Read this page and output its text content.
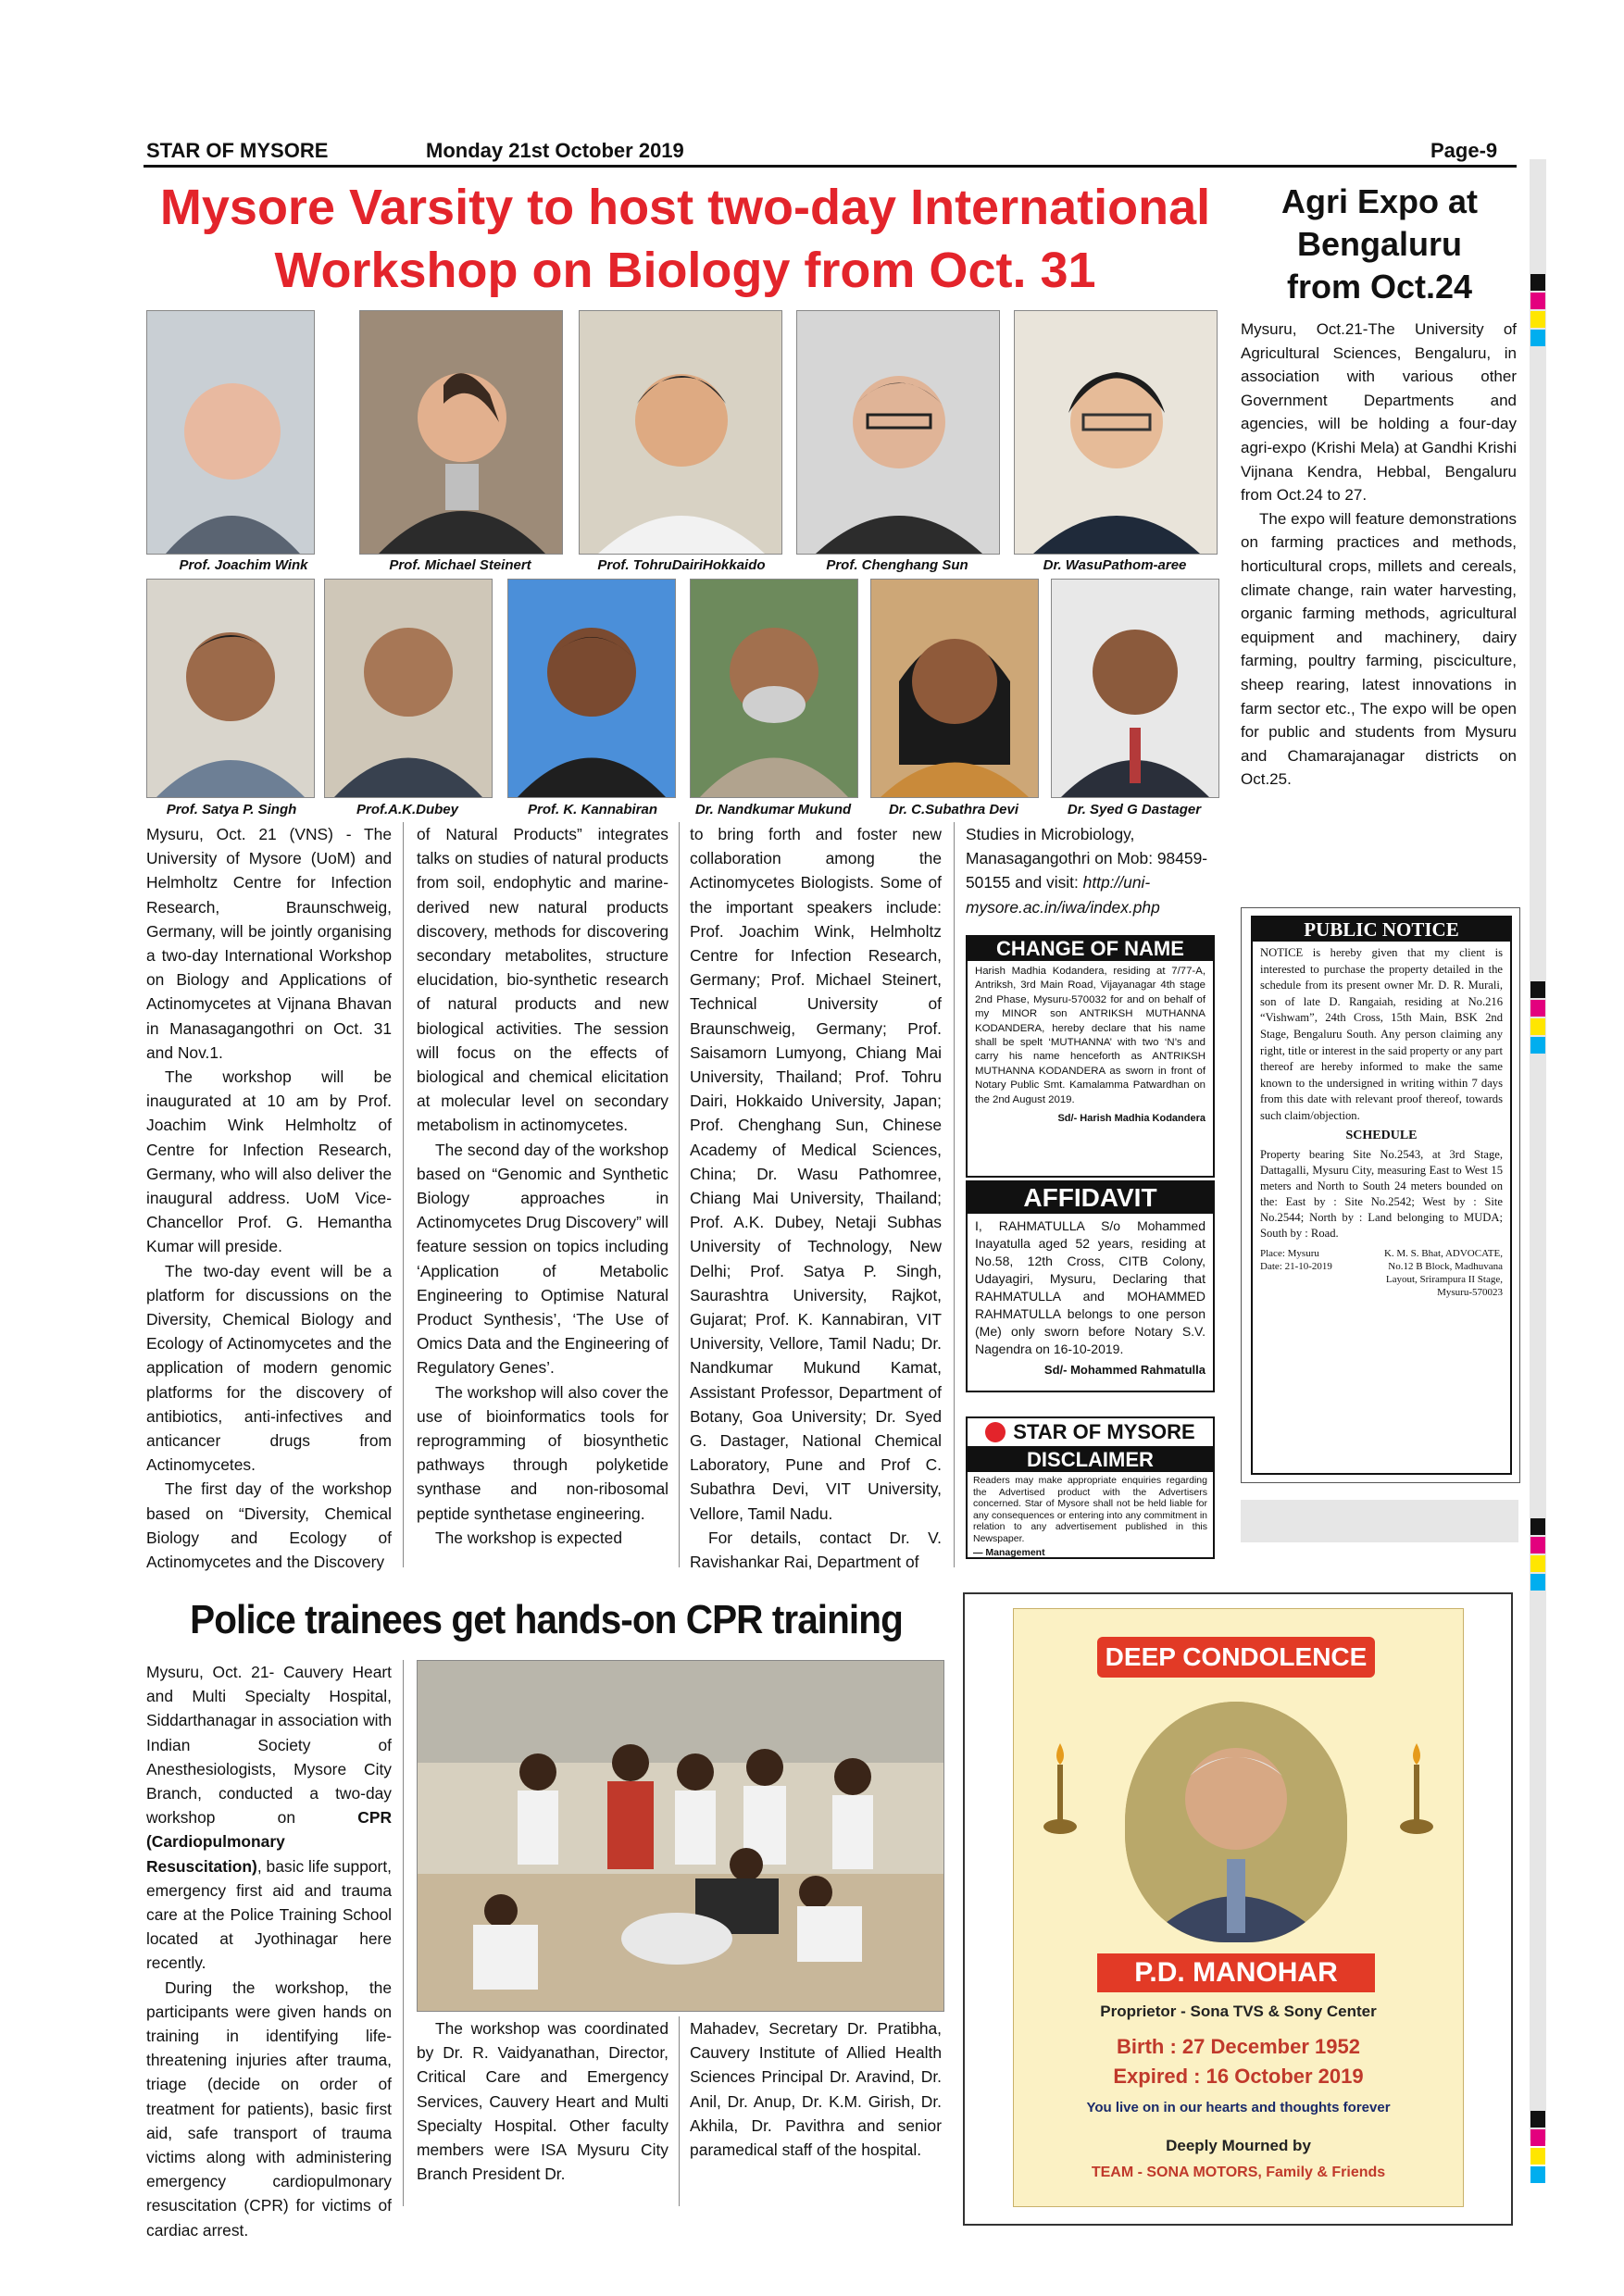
STAR OF MYSORE	Monday 21st October 2019	Page-9
Mysore Varsity to host two-day International
Workshop on Biology from Oct. 31
Agri Expo at
Bengaluru
from Oct.24
Prof. Joachim Wink	Prof. Michael Steinert	Prof. TohruDairiHokkaido	Prof. Chenghang Sun	Dr. WasuPathom-aree
Prof. Satya P. Singh	Prof.A.K.Dubey	Prof. K. Kannabiran	Dr. Nandkumar Mukund	Dr. C.Subathra Devi	Dr. Syed G Dastager

Mysuru, Oct. 21 (VNS) - The University of Mysore (UoM) and Helmholtz Centre for Infection Research, Braunschweig, Germany, will be jointly organising a two-day International Workshop on Biology and Applications of Actinomycetes at Vijnana Bhavan in Manasagangothri on Oct. 31 and Nov.1.

The workshop will be inaugurated at 10 am by Prof. Joachim Wink Helmholtz of Centre for Infection Research, Germany, who will also deliver the inaugural address. UoM Vice-Chancellor Prof. G. Hemantha Kumar will preside.

The two-day event will be a platform for discussions on the Diversity, Chemical Biology and Ecology of Actinomycetes and the application of modern genomic platforms for the discovery of antibiotics, anti-infectives and anticancer drugs from Actinomycetes.

The first day of the workshop based on “Diversity, Chemical Biology and Ecology of Actinomycetes and the Discovery

of Natural Products” integrates talks on studies of natural products from soil, endophytic and marine-derived new natural products discovery, methods for discovering secondary metabolites, structure elucidation, bio-synthetic research of natural products and new biological activities. The session will focus on the effects of biological and chemical elicitation at molecular level on secondary metabolism in actinomycetes.

The second day of the workshop based on “Genomic and Synthetic Biology approaches in Actinomycetes Drug Discovery” will feature session on topics including ‘Application of Metabolic Engineering to Optimise Natural Product Synthesis’, ‘The Use of Omics Data and the Engineering of Regulatory Genes’.

The workshop will also cover the use of bioinformatics tools for reprogramming of biosynthetic pathways through polyketide synthase and non-ribosomal peptide synthetase engineering.

The workshop is expected

to bring forth and foster new collaboration among the Actinomycetes Biologists. Some of the important speakers include: Prof. Joachim Wink, Helmholtz Centre for Infection Research, Germany; Prof. Michael Steinert, Technical University of Braunschweig, Germany; Prof. Saisamorn Lumyong, Chiang Mai University, Thailand; Prof. Tohru Dairi, Hokkaido University, Japan; Prof. Chenghang Sun, Chinese Academy of Medical Sciences, China; Dr. Wasu Pathomree, Chiang Mai University, Thailand; Prof. A.K. Dubey, Netaji Subhas University of Technology, New Delhi; Prof. Satya P. Singh, Saurashtra University, Rajkot, Gujarat; Prof. K. Kannabiran, VIT University, Vellore, Tamil Nadu; Dr. Nandkumar Mukund Kamat, Assistant Professor, Department of Botany, Goa University; Dr. Syed G. Dastager, National Chemical Laboratory, Pune and Prof C. Subathra Devi, VIT University, Vellore, Tamil Nadu.

For details, contact Dr. V. Ravishankar Rai, Department of

Studies in Microbiology, Manasagangothri on Mob: 98459-50155 and visit: http://uni-mysore.ac.in/iwa/index.php
CHANGE OF NAME
Harish Madhia Kodandera, residing at 7/77-A, Antriksh, 3rd Main Road, Vijayanagar 4th stage 2nd Phase, Mysuru-570032 for and on behalf of my MINOR son ANTRIKSH MUTHANNA KODANDERA, hereby declare that his name shall be spelt ‘MUTHANNA’ with two ‘N’s and carry his name henceforth as ANTRIKSH MUTHANNA KODANDERA as sworn in front of Notary Public Smt. Kamalamma Patwardhan on the 2nd August 2019.
Sd/- Harish Madhia Kodandera
AFFIDAVIT
I, RAHMATULLA S/o Mohammed Inayatulla aged 52 years, residing at No.58, 12th Cross, CITB Colony, Udayagiri, Mysuru, Declaring that RAHMATULLA and MOHAMMED RAHMATULLA belongs to one person (Me) only sworn before Notary S.V. Nagendra on 16-10-2019.
Sd/- Mohammed Rahmatulla
STAR OF MYSORE
DISCLAIMER
Readers may make appropriate enquiries regarding the Advertised product with the Advertisers concerned. Star of Mysore shall not be held liable for any consequences or entering into any commitment in relation to any advertisement published in this Newspaper.
— Management

Mysuru, Oct.21-The University of Agricultural Sciences, Bengaluru, in association with various other Government Departments and agencies, will be holding a four-day agri-expo (Krishi Mela) at Gandhi Krishi Vijnana Kendra, Hebbal, Bengaluru from Oct.24 to 27.

The expo will feature demonstrations on farming practices and methods, horticultural crops, millets and cereals, climate change, rain water harvesting, organic farming methods, agricultural equipment and machinery, dairy farming, poultry farming, pisciculture, sheep rearing, latest innovations in farm sector etc., The expo will be open for public and students from Mysuru and Chamarajanagar districts on Oct.25.

PUBLIC NOTICE
NOTICE is hereby given that my client is interested to purchase the property detailed in the schedule from its present owner Mr. D. R. Murali, son of late D. Rangaiah, residing at No.216 “Vishwam”, 24th Cross, 15th Main, BSK 2nd Stage, Bengaluru South. Any person claiming any right, title or interest in the said property or any part thereof are hereby informed to make the same known to the undersigned in writing within 7 days from this date with relevant proof thereof, towards such claim/objection.
SCHEDULE
Property bearing Site No.2543, at 3rd Stage, Dattagalli, Mysuru City, measuring East to West 15 meters and North to South 24 meters bounded on the: East by : Site No.2542; West by : Site No.2544; North by : Land belonging to MUDA; South by : Road.
Place: Mysuru
Date: 21-10-2019
K. M. S. Bhat, ADVOCATE, No.12 B Block, Madhuvana Layout, Srirampura II Stage, Mysuru-570023
Police trainees get hands-on CPR training

Mysuru, Oct. 21- Cauvery Heart and Multi Specialty Hospital, Siddarthanagar in association with Indian Society of Anesthesiologists, Mysore City Branch, conducted a two-day workshop on CPR (Cardiopulmonary Resuscitation), basic life support, emergency first aid and trauma care at the Police Training School located at Jyothinagar here recently.

During the workshop, the participants were given hands on training in identifying life-threatening injuries after trauma, triage (decide on order of treatment for patients), basic first aid, safe transport of trauma victims along with administering emergency cardiopulmonary resuscitation (CPR) for victims of cardiac arrest.

The workshop was coordinated by Dr. R. Vaidyanathan, Director, Critical Care and Emergency Services, Cauvery Heart and Multi Specialty Hospital. Other faculty members were ISA Mysuru City Branch President Dr.

Mahadev, Secretary Dr. Pratibha, Cauvery Institute of Allied Health Sciences Principal Dr. Aravind, Dr. Anil, Dr. Anup, Dr. K.M. Girish, Dr. Akhila, Dr. Pavithra and senior paramedical staff of the hospital.

DEEP CONDOLENCE
P.D. MANOHAR
Proprietor - Sona TVS & Sony Center
Birth : 27 December 1952
Expired : 16 October 2019
You live on in our hearts and thoughts forever
Deeply Mourned by
TEAM - SONA MOTORS, Family & Friends
